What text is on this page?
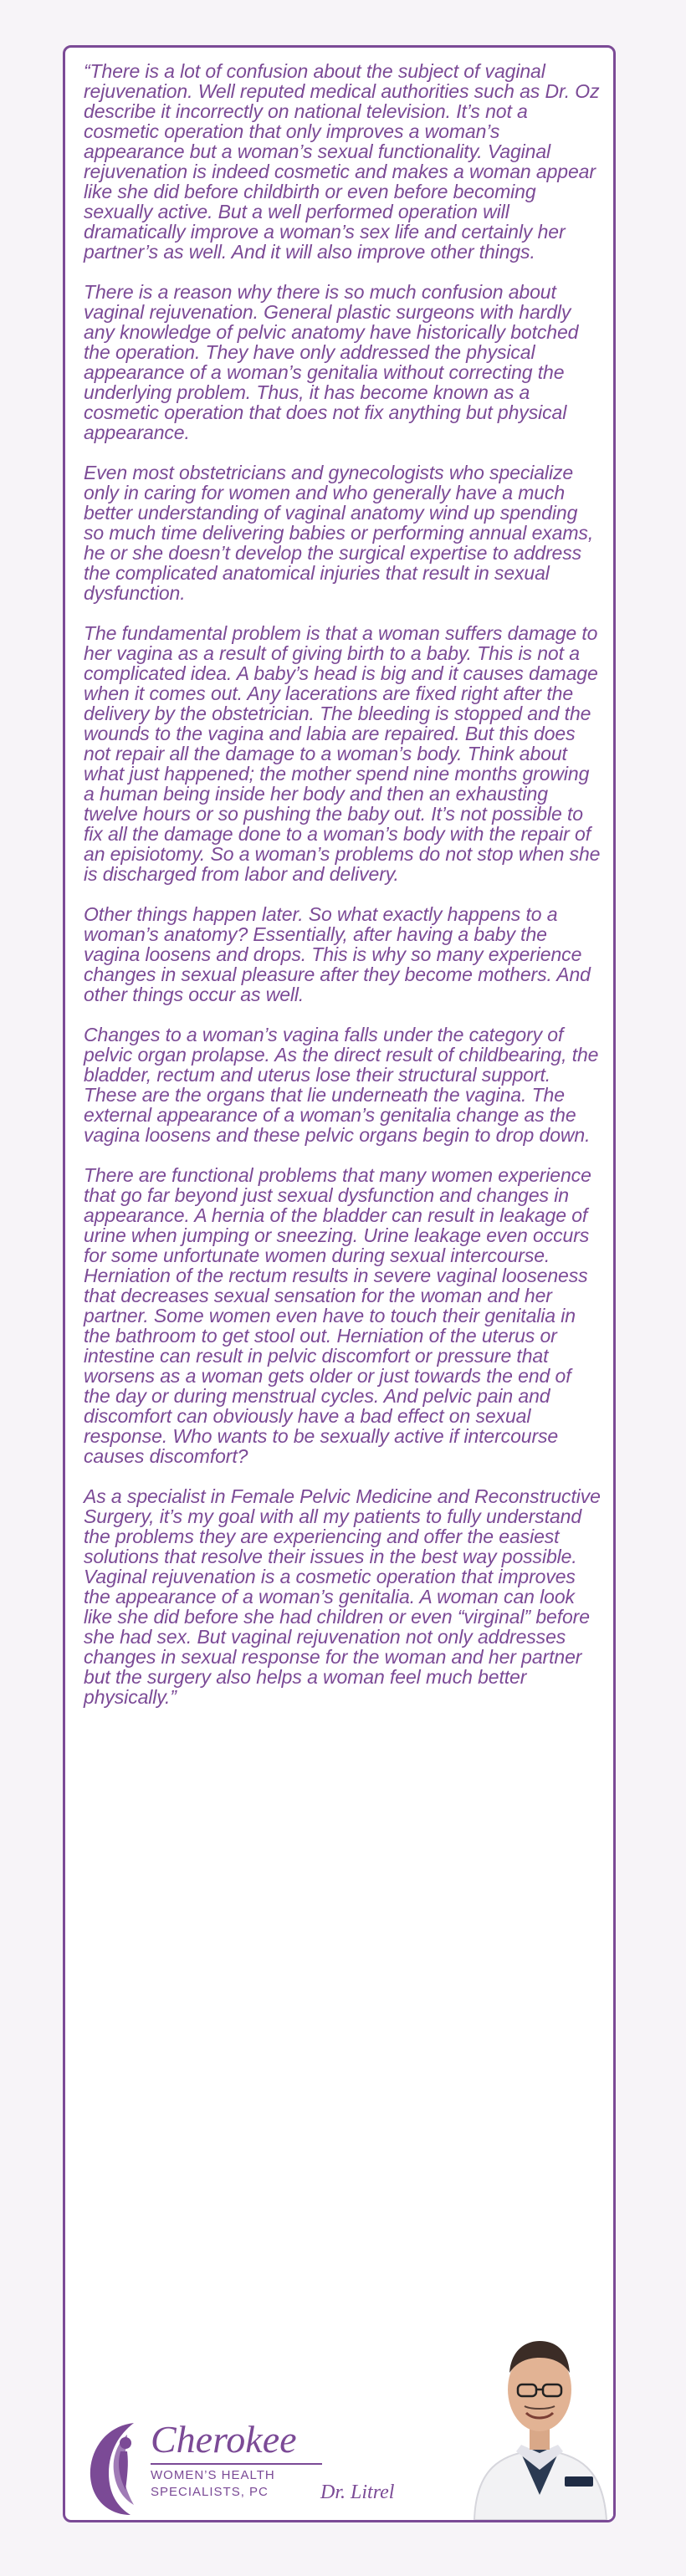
“There is a lot of confusion about the subject of vaginal rejuvenation. Well reputed medical authorities such as Dr. Oz describe it incorrectly on national television. It’s not a cosmetic operation that only improves a woman’s appearance but a woman’s sexual functionality. Vaginal rejuvenation is indeed cosmetic and makes a woman appear like she did before childbirth or even before becoming sexually active. But a well performed operation will dramatically improve a woman’s sex life and certainly her partner’s as well. And it will also improve other things.

There is a reason why there is so much confusion about vaginal rejuvenation. General plastic surgeons with hardly any knowledge of pelvic anatomy have historically botched the operation. They have only addressed the physical appearance of a woman’s genitalia without correcting the underlying problem. Thus, it has become known as a cosmetic operation that does not fix anything but physical appearance.

Even most obstetricians and gynecologists who specialize only in caring for women and who generally have a much better understanding of vaginal anatomy wind up spending so much time delivering babies or performing annual exams, he or she doesn’t develop the surgical expertise to address the complicated anatomical injuries that result in sexual dysfunction.

The fundamental problem is that a woman suffers damage to her vagina as a result of giving birth to a baby. This is not a complicated idea. A baby’s head is big and it causes damage when it comes out. Any lacerations are fixed right after the delivery by the obstetrician. The bleeding is stopped and the wounds to the vagina and labia are repaired. But this does not repair all the damage to a woman’s body. Think about what just happened; the mother spend nine months growing a human being inside her body and then an exhausting twelve hours or so pushing the baby out. It’s not possible to fix all the damage done to a woman’s body with the repair of an episiotomy. So a woman’s problems do not stop when she is discharged from labor and delivery.

Other things happen later. So what exactly happens to a woman’s anatomy? Essentially, after having a baby the vagina loosens and drops. This is why so many experience changes in sexual pleasure after they become mothers. And other things occur as well.

Changes to a woman’s vagina falls under the category of pelvic organ prolapse. As the direct result of childbearing, the bladder, rectum and uterus lose their structural support. These are the organs that lie underneath the vagina. The external appearance of a woman’s genitalia change as the vagina loosens and these pelvic organs begin to drop down.

There are functional problems that many women experience that go far beyond just sexual dysfunction and changes in appearance. A hernia of the bladder can result in leakage of urine when jumping or sneezing. Urine leakage even occurs for some unfortunate women during sexual intercourse. Herniation of the rectum results in severe vaginal looseness that decreases sexual sensation for the woman and her partner. Some women even have to touch their genitalia in the bathroom to get stool out. Herniation of the uterus or intestine can result in pelvic discomfort or pressure that worsens as a woman gets older or just towards the end of the day or during menstrual cycles. And pelvic pain and discomfort can obviously have a bad effect on sexual response. Who wants to be sexually active if intercourse causes discomfort?

As a specialist in Female Pelvic Medicine and Reconstructive Surgery, it’s my goal with all my patients to fully understand the problems they are experiencing and offer the easiest solutions that resolve their issues in the best way possible. Vaginal rejuvenation is a cosmetic operation that improves the appearance of a woman’s genitalia. A woman can look like she did before she had children or even “virginal” before she had sex. But vaginal rejuvenation not only addresses changes in sexual response for the woman and her partner but the surgery also helps a woman feel much better physically.”

Cherokee
WOMEN’S HEALTH
SPECIALISTS, PC	Dr. Litrel
